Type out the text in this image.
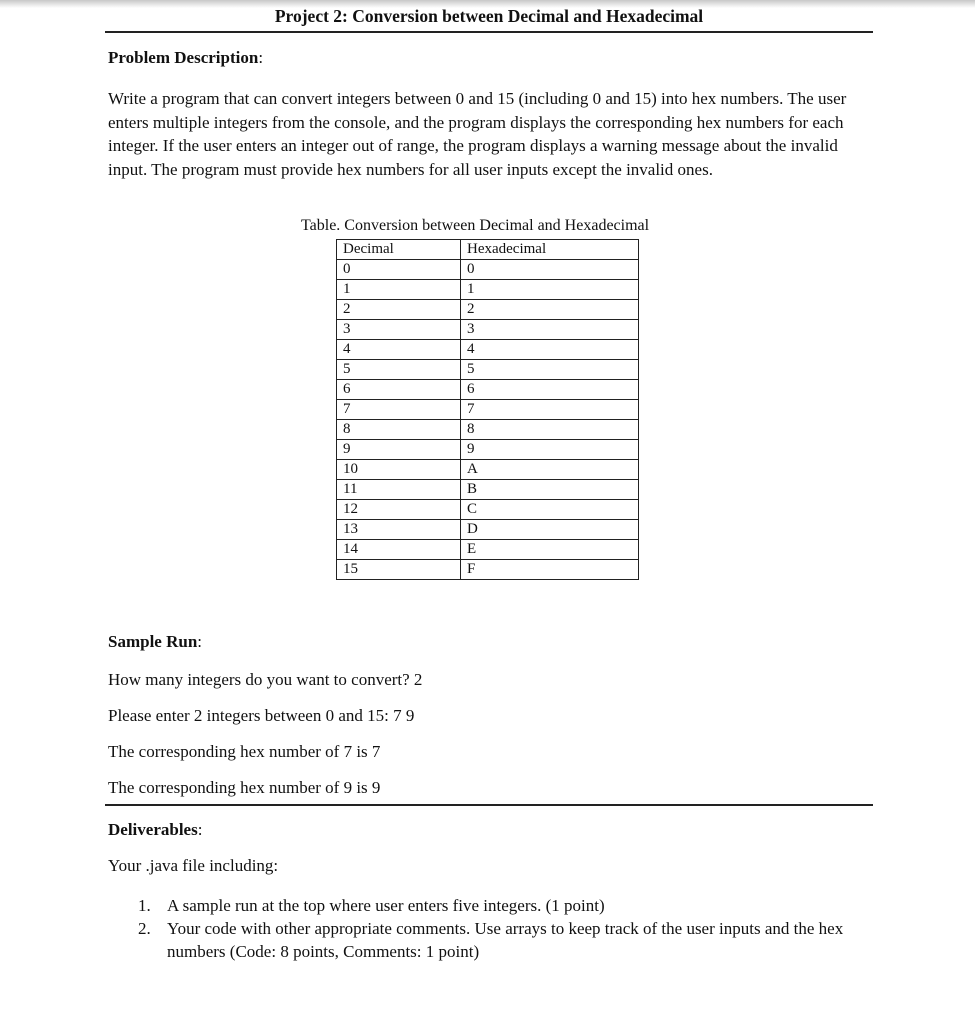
Project 2: Conversion between Decimal and Hexadecimal
Problem Description:
Write a program that can convert integers between 0 and 15 (including 0 and 15) into hex numbers. The user enters multiple integers from the console, and the program displays the corresponding hex numbers for each integer. If the user enters an integer out of range, the program displays a warning message about the invalid input. The program must provide hex numbers for all user inputs except the invalid ones.
Table. Conversion between Decimal and Hexadecimal
Decimal	Hexadecimal
0	0
1	1
2	2
3	3
4	4
5	5
6	6
7	7
8	8
9	9
10	A
11	B
12	C
13	D
14	E
15	F
Sample Run:
How many integers do you want to convert? 2
Please enter 2 integers between 0 and 15: 7 9
The corresponding hex number of 7 is 7
The corresponding hex number of 9 is 9
Deliverables:
Your .java file including:
1. A sample run at the top where user enters five integers. (1 point)
2. Your code with other appropriate comments. Use arrays to keep track of the user inputs and the hex numbers (Code: 8 points, Comments: 1 point)
